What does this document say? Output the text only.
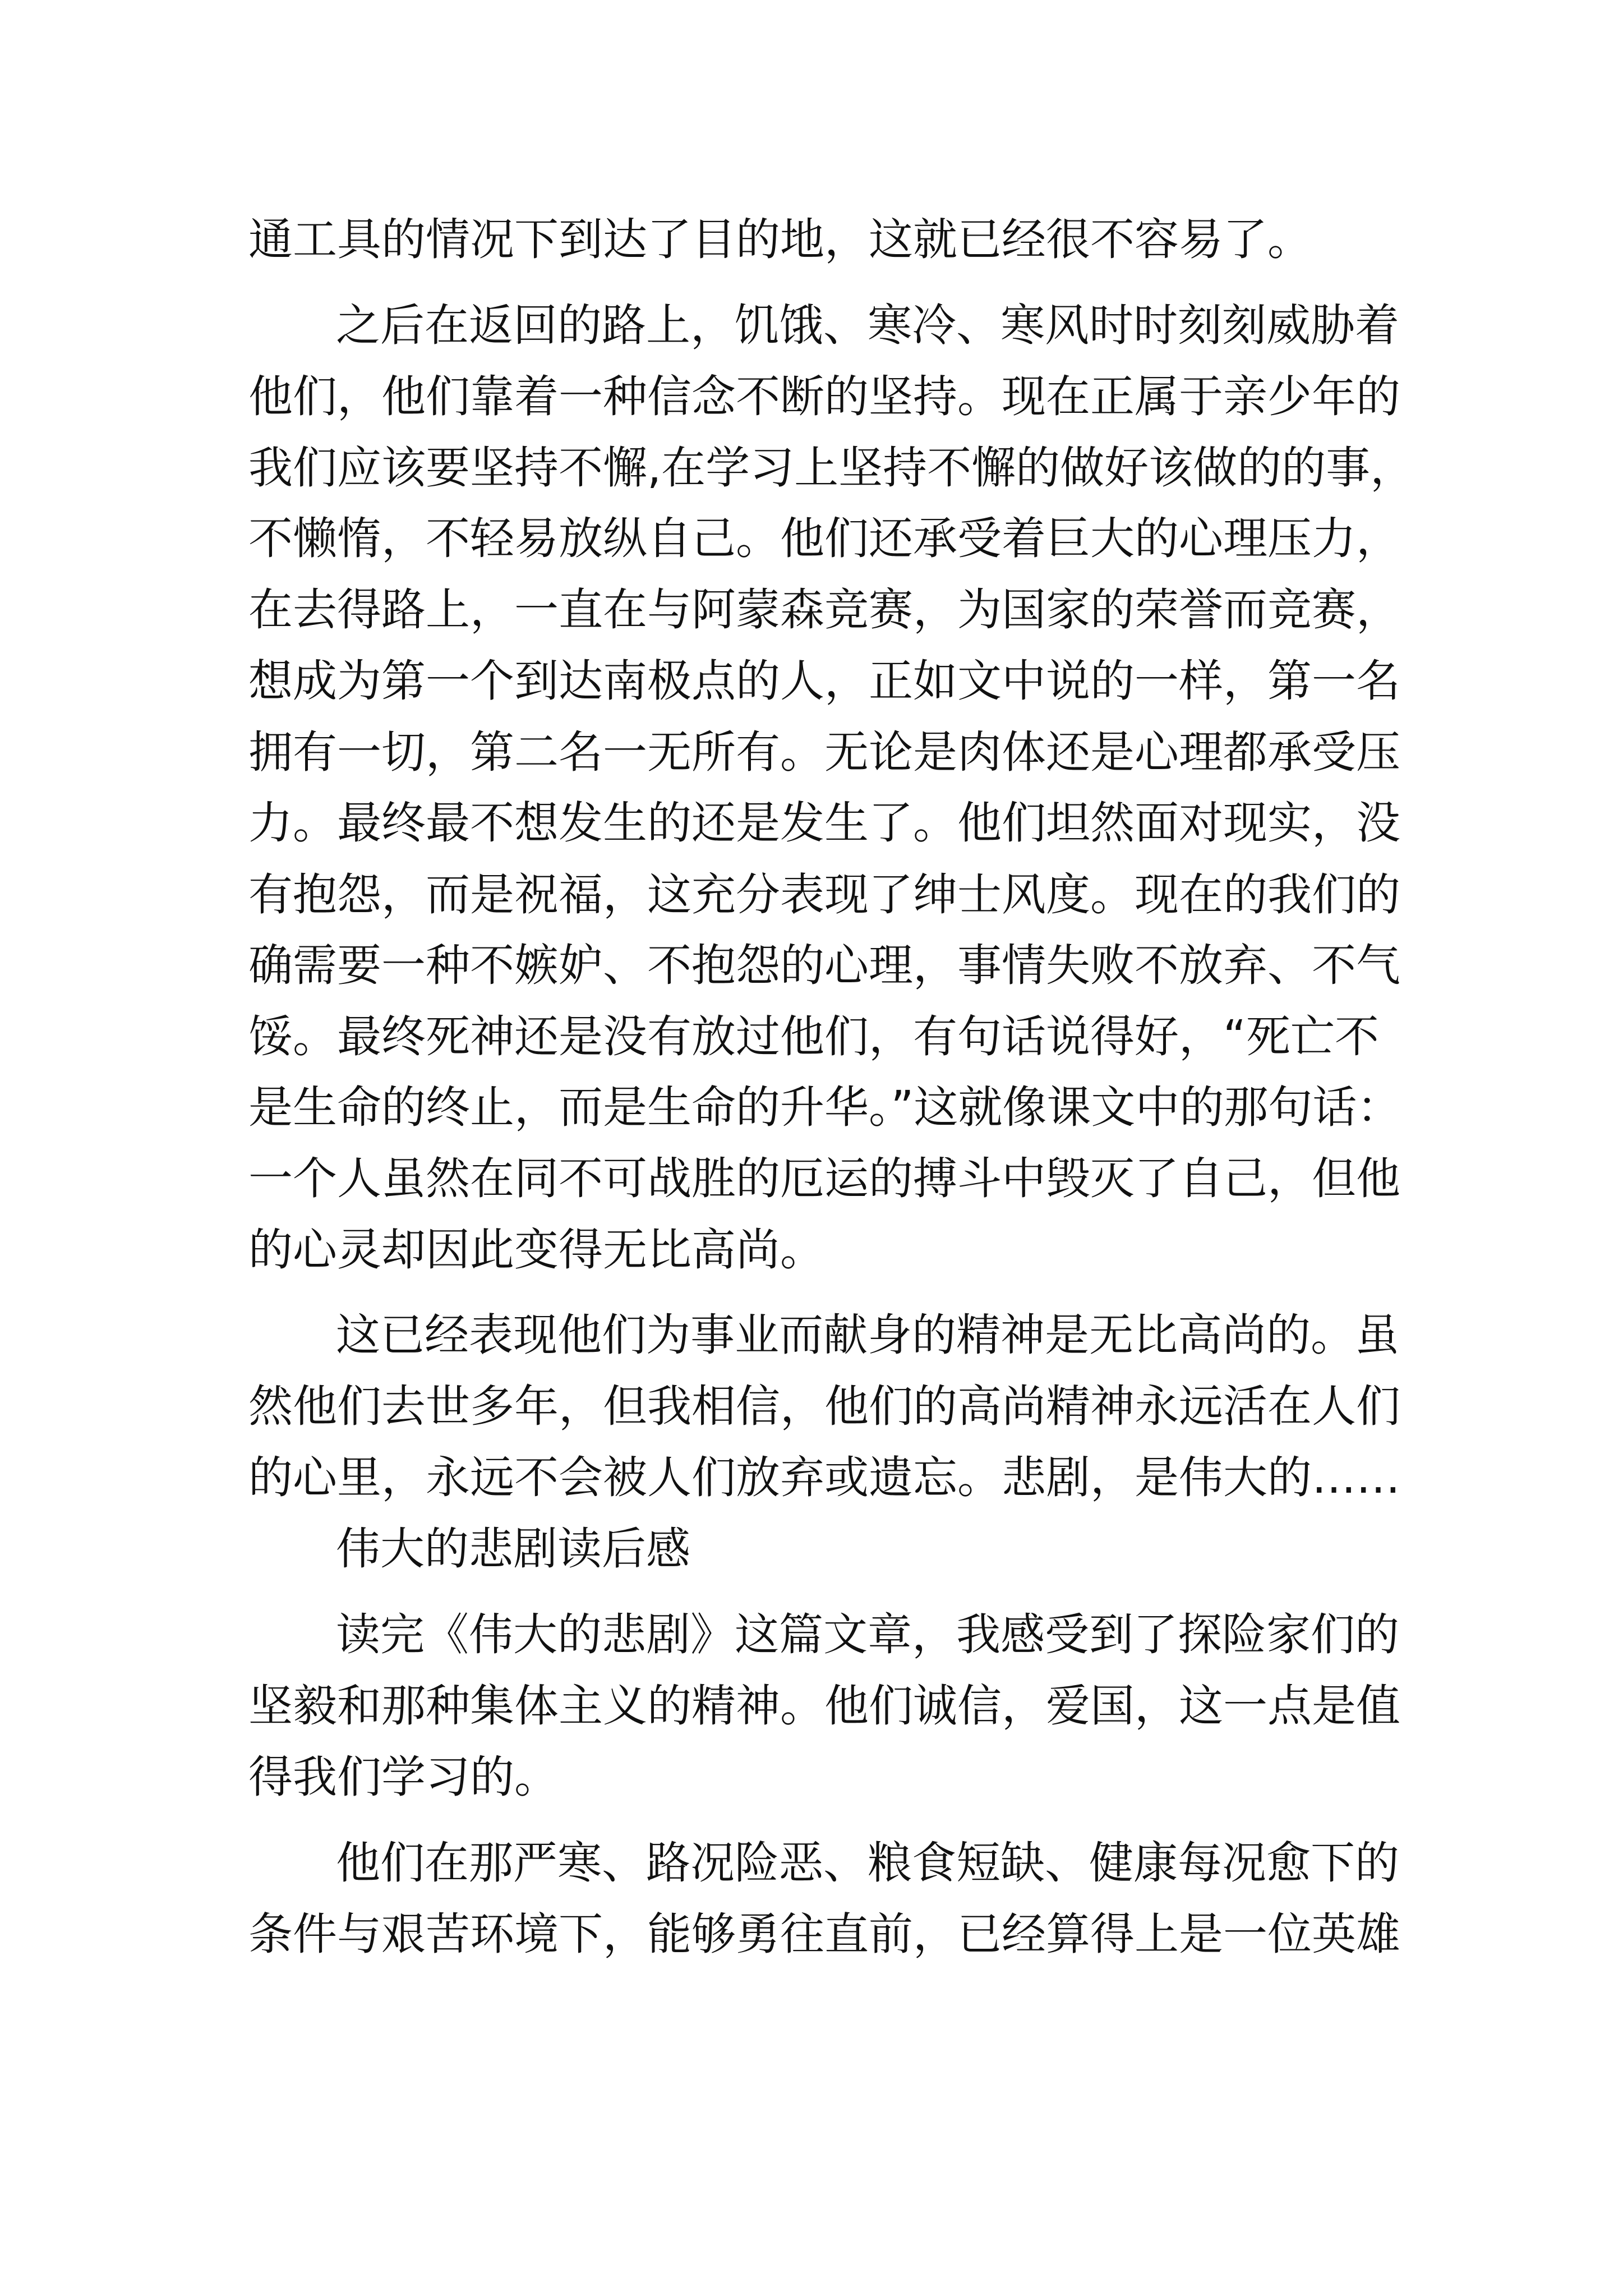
通工具的情况下到达了目的地，这就已经很不容易了。

之后在返回的路上，饥饿、寒冷、寒风时时刻刻威胁着

他们，他们靠着一种信念不断的坚持。现在正属于亲少年的

我们应该要坚持不懈,在学习上坚持不懈的做好该做的的事，

不懒惰，不轻易放纵自己。他们还承受着巨大的心理压力，

在去得路上，一直在与阿蒙森竞赛，为国家的荣誉而竞赛，

想成为第一个到达南极点的人，正如文中说的一样，第一名

拥有一切，第二名一无所有。无论是肉体还是心理都承受压

力。最终最不想发生的还是发生了。他们坦然面对现实，没

有抱怨，而是祝福，这充分表现了绅士风度。现在的我们的

确需要一种不嫉妒、不抱怨的心理，事情失败不放弃、不气

馁。最终死神还是没有放过他们，有句话说得好，“死亡不

是生命的终止，而是生命的升华。”这就像课文中的那句话：

一个人虽然在同不可战胜的厄运的搏斗中毁灭了自己，但他

的心灵却因此变得无比高尚。

这已经表现他们为事业而献身的精神是无比高尚的。虽

然他们去世多年，但我相信，他们的高尚精神永远活在人们

的心里，永远不会被人们放弃或遗忘。悲剧，是伟大的……

伟大的悲剧读后感

读完《伟大的悲剧》这篇文章，我感受到了探险家们的

坚毅和那种集体主义的精神。他们诚信，爱国，这一点是值

得我们学习的。

他们在那严寒、路况险恶、粮食短缺、健康每况愈下的

条件与艰苦环境下，能够勇往直前，已经算得上是一位英雄
